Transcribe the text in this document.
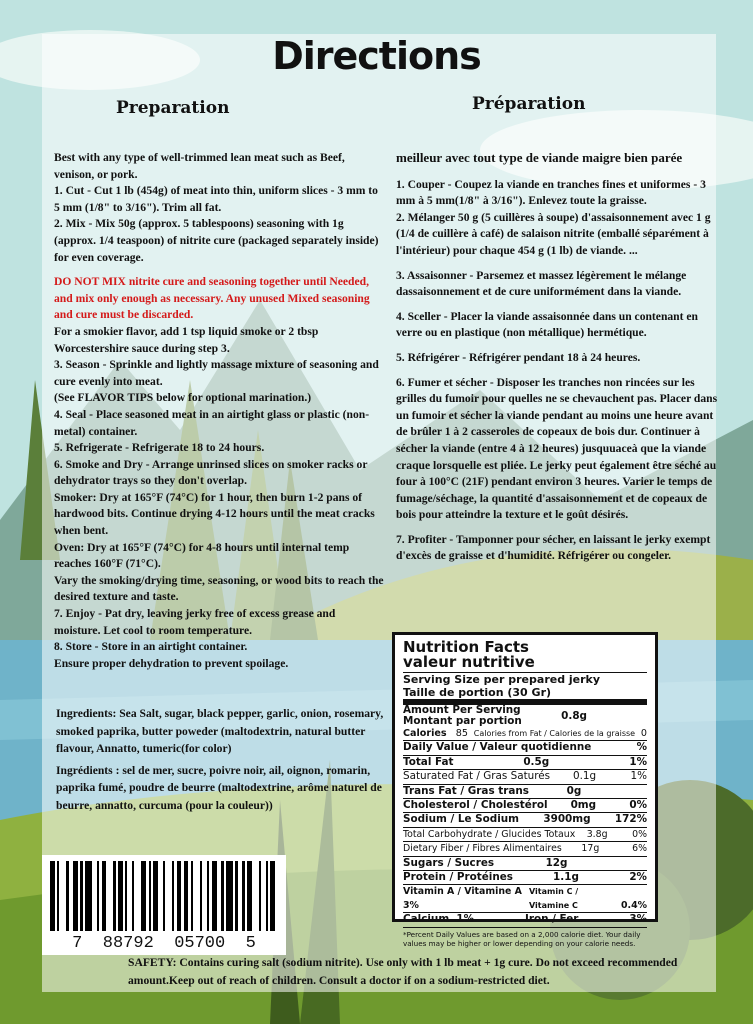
Directions
Preparation	Préparation

Best with any type of well-trimmed lean meat such as Beef, venison, or pork.

1. Cut - Cut 1 lb (454g) of meat into thin, uniform slices - 3 mm to 5 mm (1/8" to 3/16"). Trim all fat.

2. Mix - Mix 50g (approx. 5 tablespoons) seasoning with 1g (approx. 1/4 teaspoon) of nitrite cure (packaged separately inside) for even coverage.

DO NOT MIX nitrite cure and seasoning together until Needed, and mix only enough as necessary. Any unused Mixed seasoning and cure must be discarded.

For a smokier flavor, add 1 tsp liquid smoke or 2 tbsp Worcestershire sauce during step 3.

3. Season - Sprinkle and lightly massage mixture of seasoning and cure evenly into meat.

(See FLAVOR TIPS below for optional marination.)

4. Seal - Place seasoned meat in an airtight glass or plastic (non-metal) container.

5. Refrigerate - Refrigerate 18 to 24 hours.

6. Smoke and Dry - Arrange unrinsed slices on smoker racks or dehydrator trays so they don't overlap.

Smoker: Dry at 165°F (74°C) for 1 hour, then burn 1-2 pans of hardwood bits. Continue drying 4-12 hours until the meat cracks when bent.

Oven: Dry at 165°F (74°C) for 4-8 hours until internal temp reaches 160°F (71°C).

Vary the smoking/drying time, seasoning, or wood bits to reach the desired texture and taste.

7. Enjoy - Pat dry, leaving jerky free of excess grease and moisture. Let cool to room temperature.

8. Store - Store in an airtight container.

Ensure proper dehydration to prevent spoilage.

Ingredients: Sea Salt, sugar, black pepper, garlic, onion, rosemary, smoked paprika, butter poweder (maltodextrin, natural butter flavour, Annatto, tumeric(for color)

Ingrédients : sel de mer, sucre, poivre noir, ail, oignon, romarin, paprika fumé, poudre de beurre (maltodextrine, arôme naturel de beurre, annatto, curcuma (pour la couleur))

meilleur avec tout type de viande maigre bien parée

1. Couper - Coupez la viande en tranches fines et uniformes - 3 mm à 5 mm(1/8" à 3/16"). Enlevez toute la graisse.

2. Mélanger 50 g (5 cuillères à soupe) d'assaisonnement avec 1 g (1/4 de cuillère à café) de salaison nitrite (emballé séparément à l'intérieur) pour chaque 454 g (1 lb) de viande. ...

3. Assaisonner - Parsemez et massez légèrement le mélange dassaisonnement et de cure uniformément dans la viande.

4. Sceller - Placer la viande assaisonnée dans un contenant en verre ou en plastique (non métallique) hermétique.

5. Réfrigérer - Réfrigérer pendant 18 à 24 heures.

6. Fumer et sécher - Disposer les tranches non rincées sur les grilles du fumoir pour quelles ne se chevauchent pas. Placer dans un fumoir et sécher la viande pendant au moins une heure avant de brûler 1 à 2 casseroles de copeaux de bois dur. Continuer à sécher la viande (entre 4 à 12 heures) jusquuaceà que la viande craque lorsquelle est pliée. Le jerky peut également être séché au four à 100°C (21F) pendant environ 3 heures. Varier le temps de fumage/séchage, la quantité d'assaisonnement et de copeaux de bois pour atteindre la texture et le goût désirés.

7. Profiter - Tamponner pour sécher, en laissant le jerky exempt d'excès de graisse et d'humidité. Réfrigérer ou congeler.

Nutrition Facts
valeur nutritive
Serving Size per prepared jerky
Taille de portion (30 Gr)
Amount Per Serving
Montant par portion	0.8g
Calories 85 Calories from Fat / Calories de la graisse 0
Daily Value / Valeur quotidienne	%
Total Fat	0.5g	1%
Saturated Fat / Gras Saturés 0.1g	1%
Trans Fat / Gras trans	0g
Cholesterol / Cholestérol 0mg	0%
Sodium / Le Sodium 3900mg 172%
Total Carbohydrate / Glucides Totaux 3.8g	0%
Dietary Fiber / Fibres Alimentaires 17g	6%
Sugars / Sucres	12g
Protein / Protéines	1.1g	2%
Vitamin A / Vitamine A 3%
Vitamin C / Vitamine C	0.4%
Calcium 1%	Iron / Fer	3%
*Percent Daily Values are based on a 2,000 calorie diet. Your daily values may be higher or lower depending on your calorie needs.
7  88792  05700  5
SAFETY: Contains curing salt (sodium nitrite). Use only with 1 lb meat + 1g cure. Do not exceed recommended amount.Keep out of reach of children. Consult a doctor if on a sodium-restricted diet.
